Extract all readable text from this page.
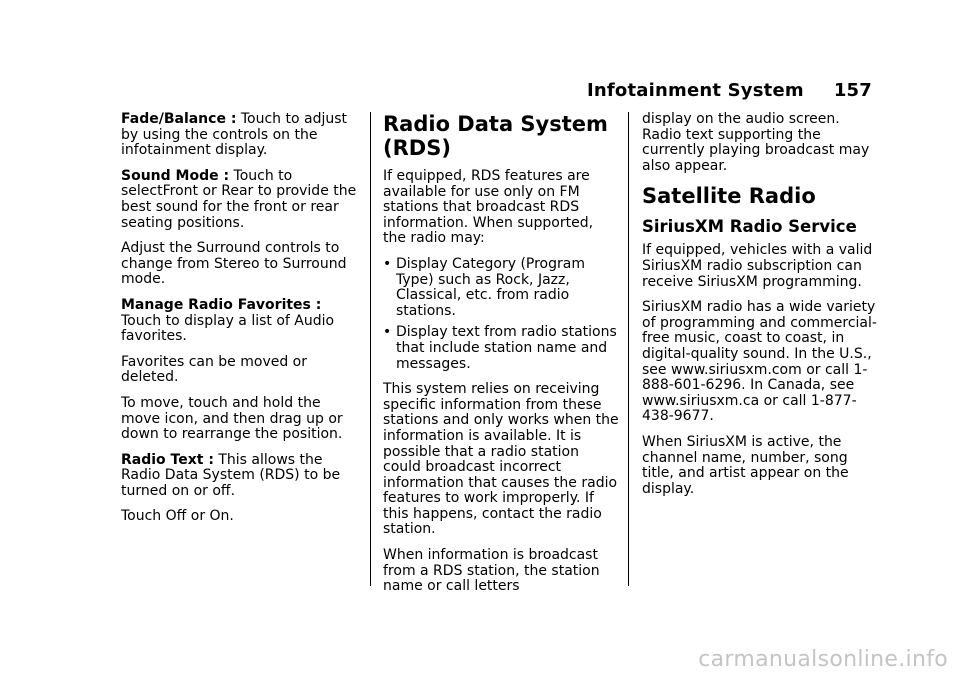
Infotainment System 157

Fade/Balance : Touch to adjust by using the controls on the infotainment display.

Sound Mode : Touch to selectFront or Rear to provide the best sound for the front or rear seating positions.

Adjust the Surround controls to change from Stereo to Surround mode.

Manage Radio Favorites : Touch to display a list of Audio favorites.

Favorites can be moved or deleted.

To move, touch and hold the move icon, and then drag up or down to rearrange the position.

Radio Text : This allows the Radio Data System (RDS) to be turned on or off.

Touch Off or On.

Radio Data System (RDS)

If equipped, RDS features are available for use only on FM stations that broadcast RDS information. When supported, the radio may:

• Display Category (Program Type) such as Rock, Jazz, Classical, etc. from radio stations.
• Display text from radio stations that include station name and messages.

This system relies on receiving specific information from these stations and only works when the information is available. It is possible that a radio station could broadcast incorrect information that causes the radio features to work improperly. If this happens, contact the radio station.

When information is broadcast from a RDS station, the station name or call letters

display on the audio screen. Radio text supporting the currently playing broadcast may also appear.

Satellite Radio
SiriusXM Radio Service

If equipped, vehicles with a valid SiriusXM radio subscription can receive SiriusXM programming.

SiriusXM radio has a wide variety of programming and commercial-free music, coast to coast, in digital-quality sound. In the U.S., see www.siriusxm.com or call 1-888-601-6296. In Canada, see www.siriusxm.ca or call 1-877-438-9677.

When SiriusXM is active, the channel name, number, song title, and artist appear on the display.

carmanualsonline.info
